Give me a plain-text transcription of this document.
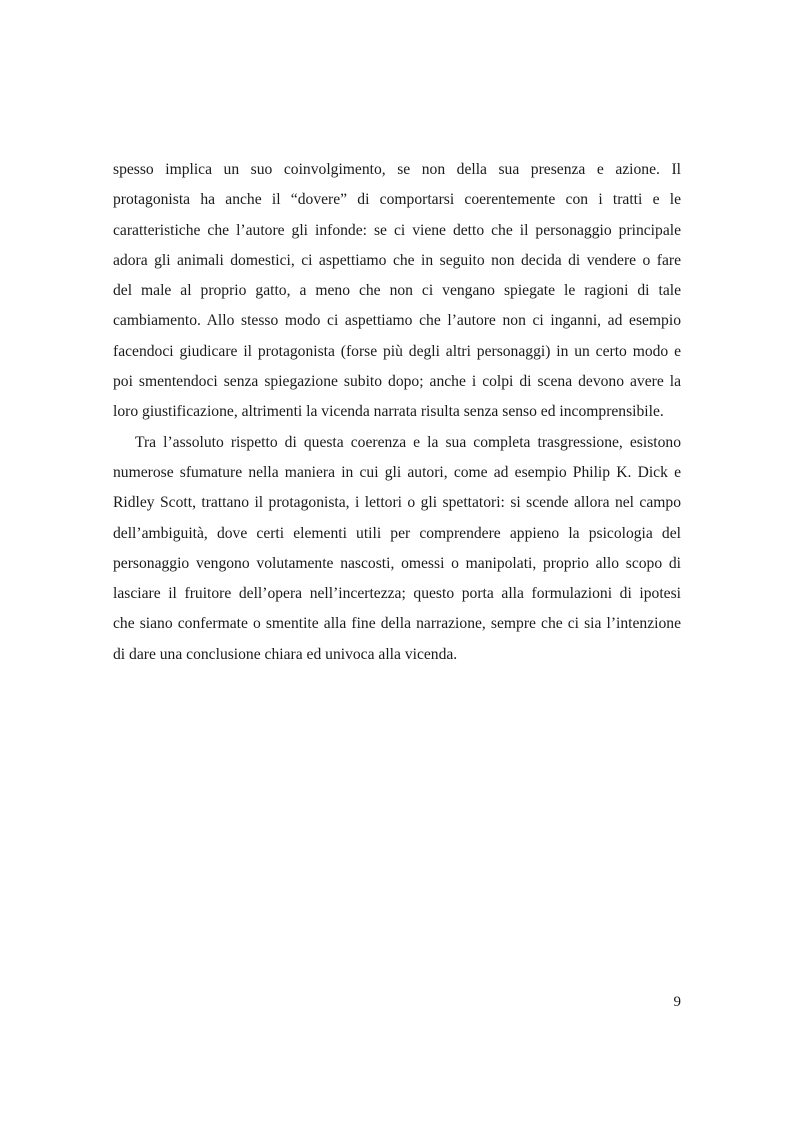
spesso implica un suo coinvolgimento, se non della sua presenza e azione. Il
protagonista ha anche il “dovere” di comportarsi coerentemente con i tratti e le
caratteristiche che l’autore gli infonde: se ci viene detto che il personaggio principale
adora gli animali domestici, ci aspettiamo che in seguito non decida di vendere o fare
del male al proprio gatto, a meno che non ci vengano spiegate le ragioni di tale
cambiamento. Allo stesso modo ci aspettiamo che l’autore non ci inganni, ad esempio
facendoci giudicare il protagonista (forse più degli altri personaggi) in un certo modo e
poi smentendoci senza spiegazione subito dopo; anche i colpi di scena devono avere la
loro giustificazione, altrimenti la vicenda narrata risulta senza senso ed incomprensibile.
Tra l’assoluto rispetto di questa coerenza e la sua completa trasgressione, esistono
numerose sfumature nella maniera in cui gli autori, come ad esempio Philip K. Dick e
Ridley Scott, trattano il protagonista, i lettori o gli spettatori: si scende allora nel campo
dell’ambiguità, dove certi elementi utili per comprendere appieno la psicologia del
personaggio vengono volutamente nascosti, omessi o manipolati, proprio allo scopo di
lasciare il fruitore dell’opera nell’incertezza; questo porta alla formulazioni di ipotesi
che siano confermate o smentite alla fine della narrazione, sempre che ci sia l’intenzione
di dare una conclusione chiara ed univoca alla vicenda.
9
